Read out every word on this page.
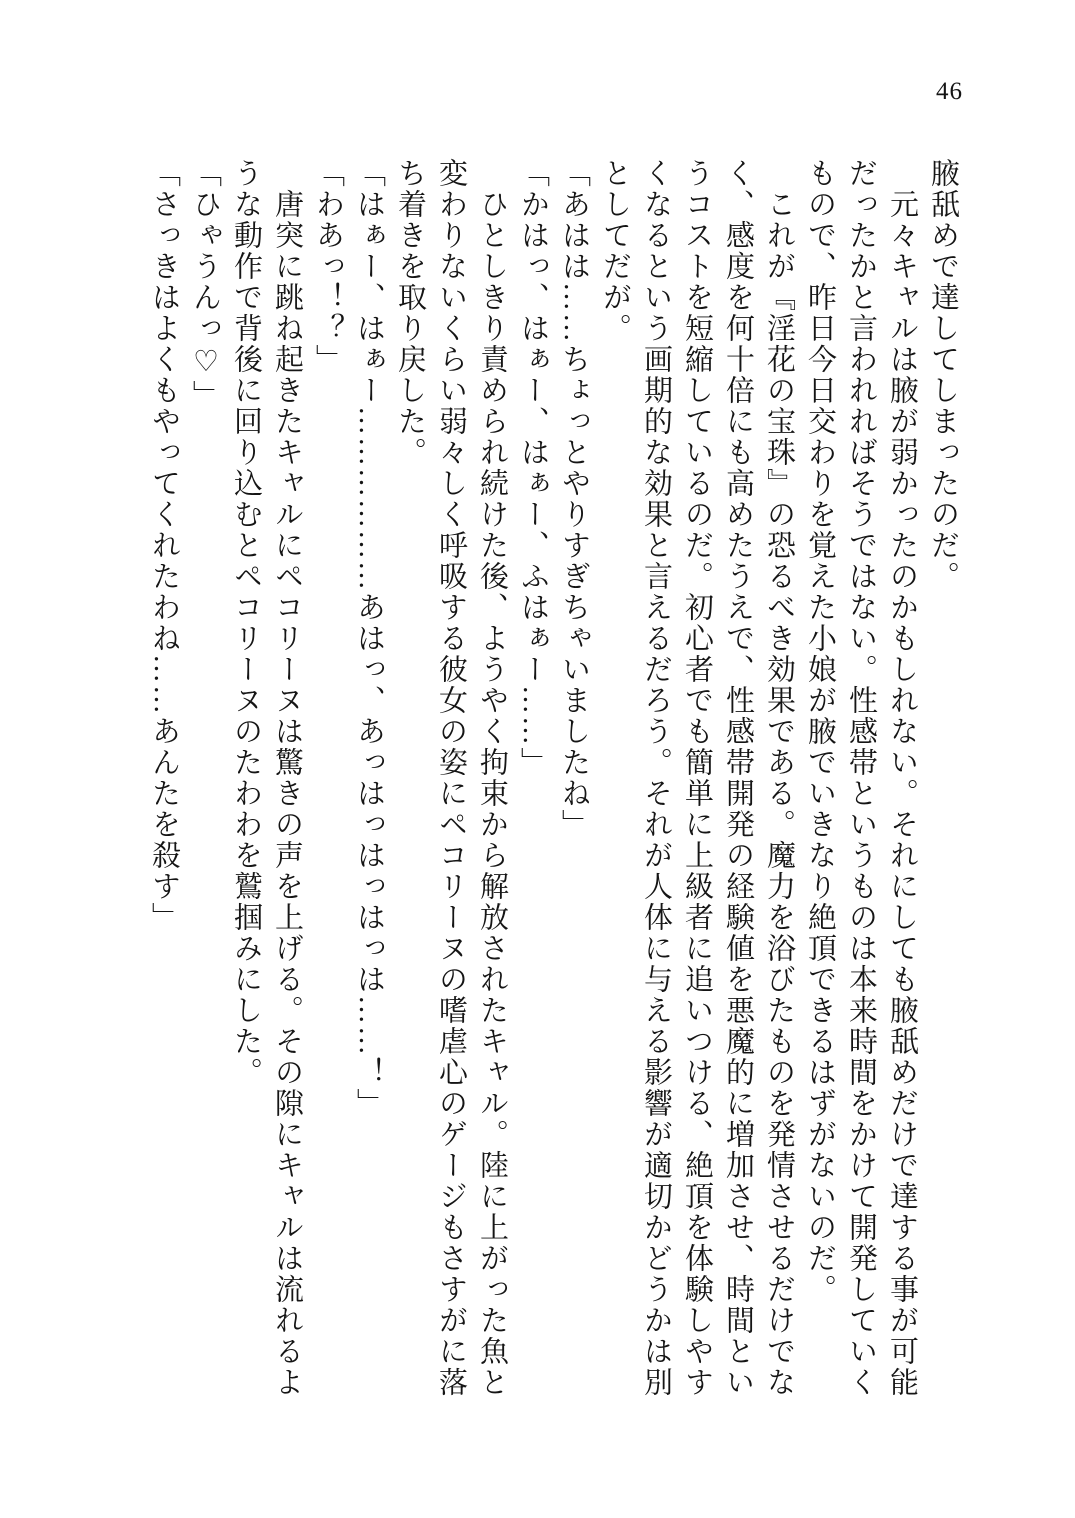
46

腋舐めで達してしまったのだ。

　元々キャルは腋が弱かったのかもしれない。それにしても腋舐めだけで達する事が可能

だったかと言われればそうではない。性感帯というものは本来時間をかけて開発していく

もので、昨日今日交わりを覚えた小娘が腋でいきなり絶頂できるはずがないのだ。

　これが『淫花の宝珠』の恐るべき効果である。魔力を浴びたものを発情させるだけでな

く、感度を何十倍にも高めたうえで、性感帯開発の経験値を悪魔的に増加させ、時間とい

うコストを短縮しているのだ。初心者でも簡単に上級者に追いつける、絶頂を体験しやす

くなるという画期的な効果と言えるだろう。それが人体に与える影響が適切かどうかは別

としてだが。

「あはは……ちょっとやりすぎちゃいましたね」

「かはっ、はぁー、はぁー、ふはぁー……」

　ひとしきり責められ続けた後、ようやく拘束から解放されたキャル。陸に上がった魚と

変わりないくらい弱々しく呼吸する彼女の姿にペコリーヌの嗜虐心のゲージもさすがに落

ち着きを取り戻した。

「はぁー、はぁー………………あはっ、あっはっはっはっは……！」

「わあっ！？」

　唐突に跳ね起きたキャルにペコリーヌは驚きの声を上げる。その隙にキャルは流れるよ

うな動作で背後に回り込むとペコリーヌのたわわを鷲掴みにした。

「ひゃうんっ♡」

「さっきはよくもやってくれたわね……あんたを殺す」
